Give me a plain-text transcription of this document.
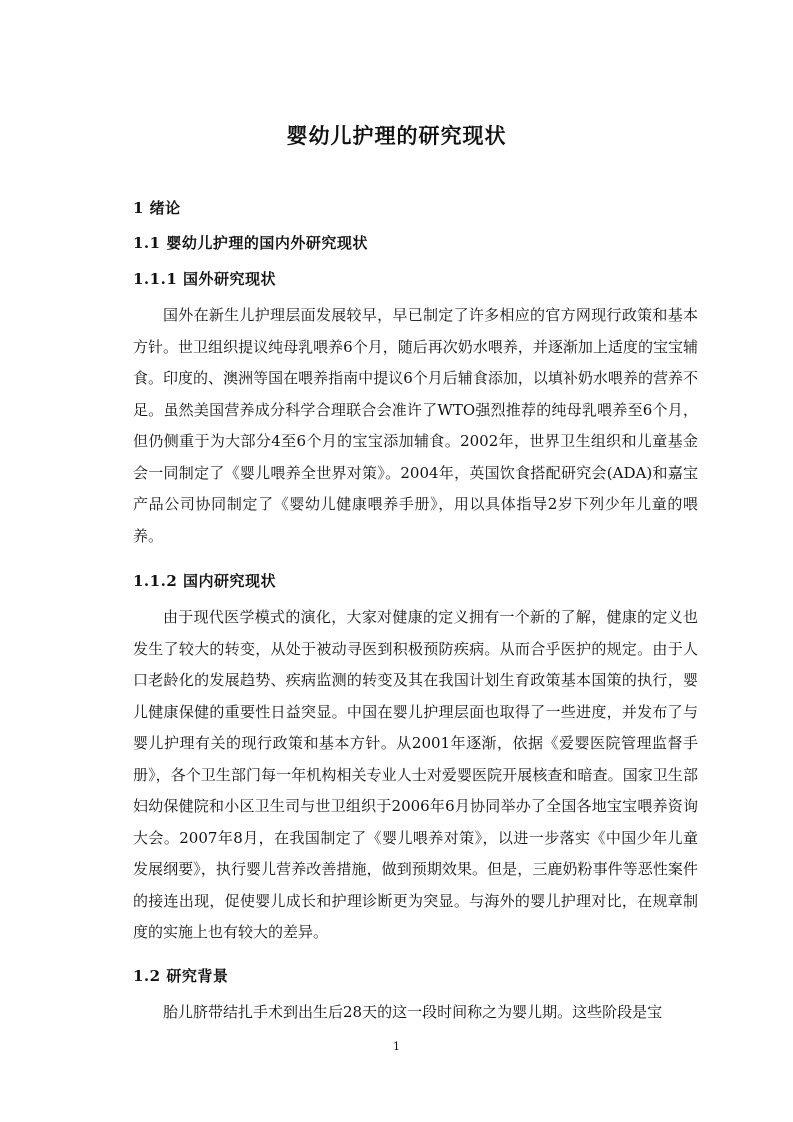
婴幼儿护理的研究现状
1 绪论
1.1 婴幼儿护理的国内外研究现状
1.1.1 国外研究现状

国外在新生儿护理层面发展较早，早已制定了许多相应的官方网现行政策和基本方针。世卫组织提议纯母乳喂养6个月，随后再次奶水喂养，并逐渐加上适度的宝宝辅食。印度的、澳洲等国在喂养指南中提议6个月后辅食添加，以填补奶水喂养的营养不足。虽然美国营养成分科学合理联合会准许了WTO强烈推荐的纯母乳喂养至6个月，但仍侧重于为大部分4至6个月的宝宝添加辅食。2002年，世界卫生组织和儿童基金会一同制定了《婴儿喂养全世界对策》。2004年，英国饮食搭配研究会(ADA)和嘉宝产品公司协同制定了《婴幼儿健康喂养手册》，用以具体指导2岁下列少年儿童的喂养。

1.1.2 国内研究现状

由于现代医学模式的演化，大家对健康的定义拥有一个新的了解，健康的定义也发生了较大的转变，从处于被动寻医到积极预防疾病。从而合乎医护的规定。由于人口老龄化的发展趋势、疾病监测的转变及其在我国计划生育政策基本国策的执行，婴儿健康保健的重要性日益突显。中国在婴儿护理层面也取得了一些进度，并发布了与婴儿护理有关的现行政策和基本方针。从2001年逐渐，依据《爱婴医院管理监督手册》，各个卫生部门每一年机构相关专业人士对爱婴医院开展核查和暗查。国家卫生部妇幼保健院和小区卫生司与世卫组织于2006年6月协同举办了全国各地宝宝喂养资询大会。2007年8月，在我国制定了《婴儿喂养对策》，以进一步落实《中国少年儿童发展纲要》，执行婴儿营养改善措施，做到预期效果。但是，三鹿奶粉事件等恶性案件的接连出现，促使婴儿成长和护理诊断更为突显。与海外的婴儿护理对比，在规章制度的实施上也有较大的差异。

1.2 研究背景

胎儿脐带结扎手术到出生后28天的这一段时间称之为婴儿期。这些阶段是宝

1
